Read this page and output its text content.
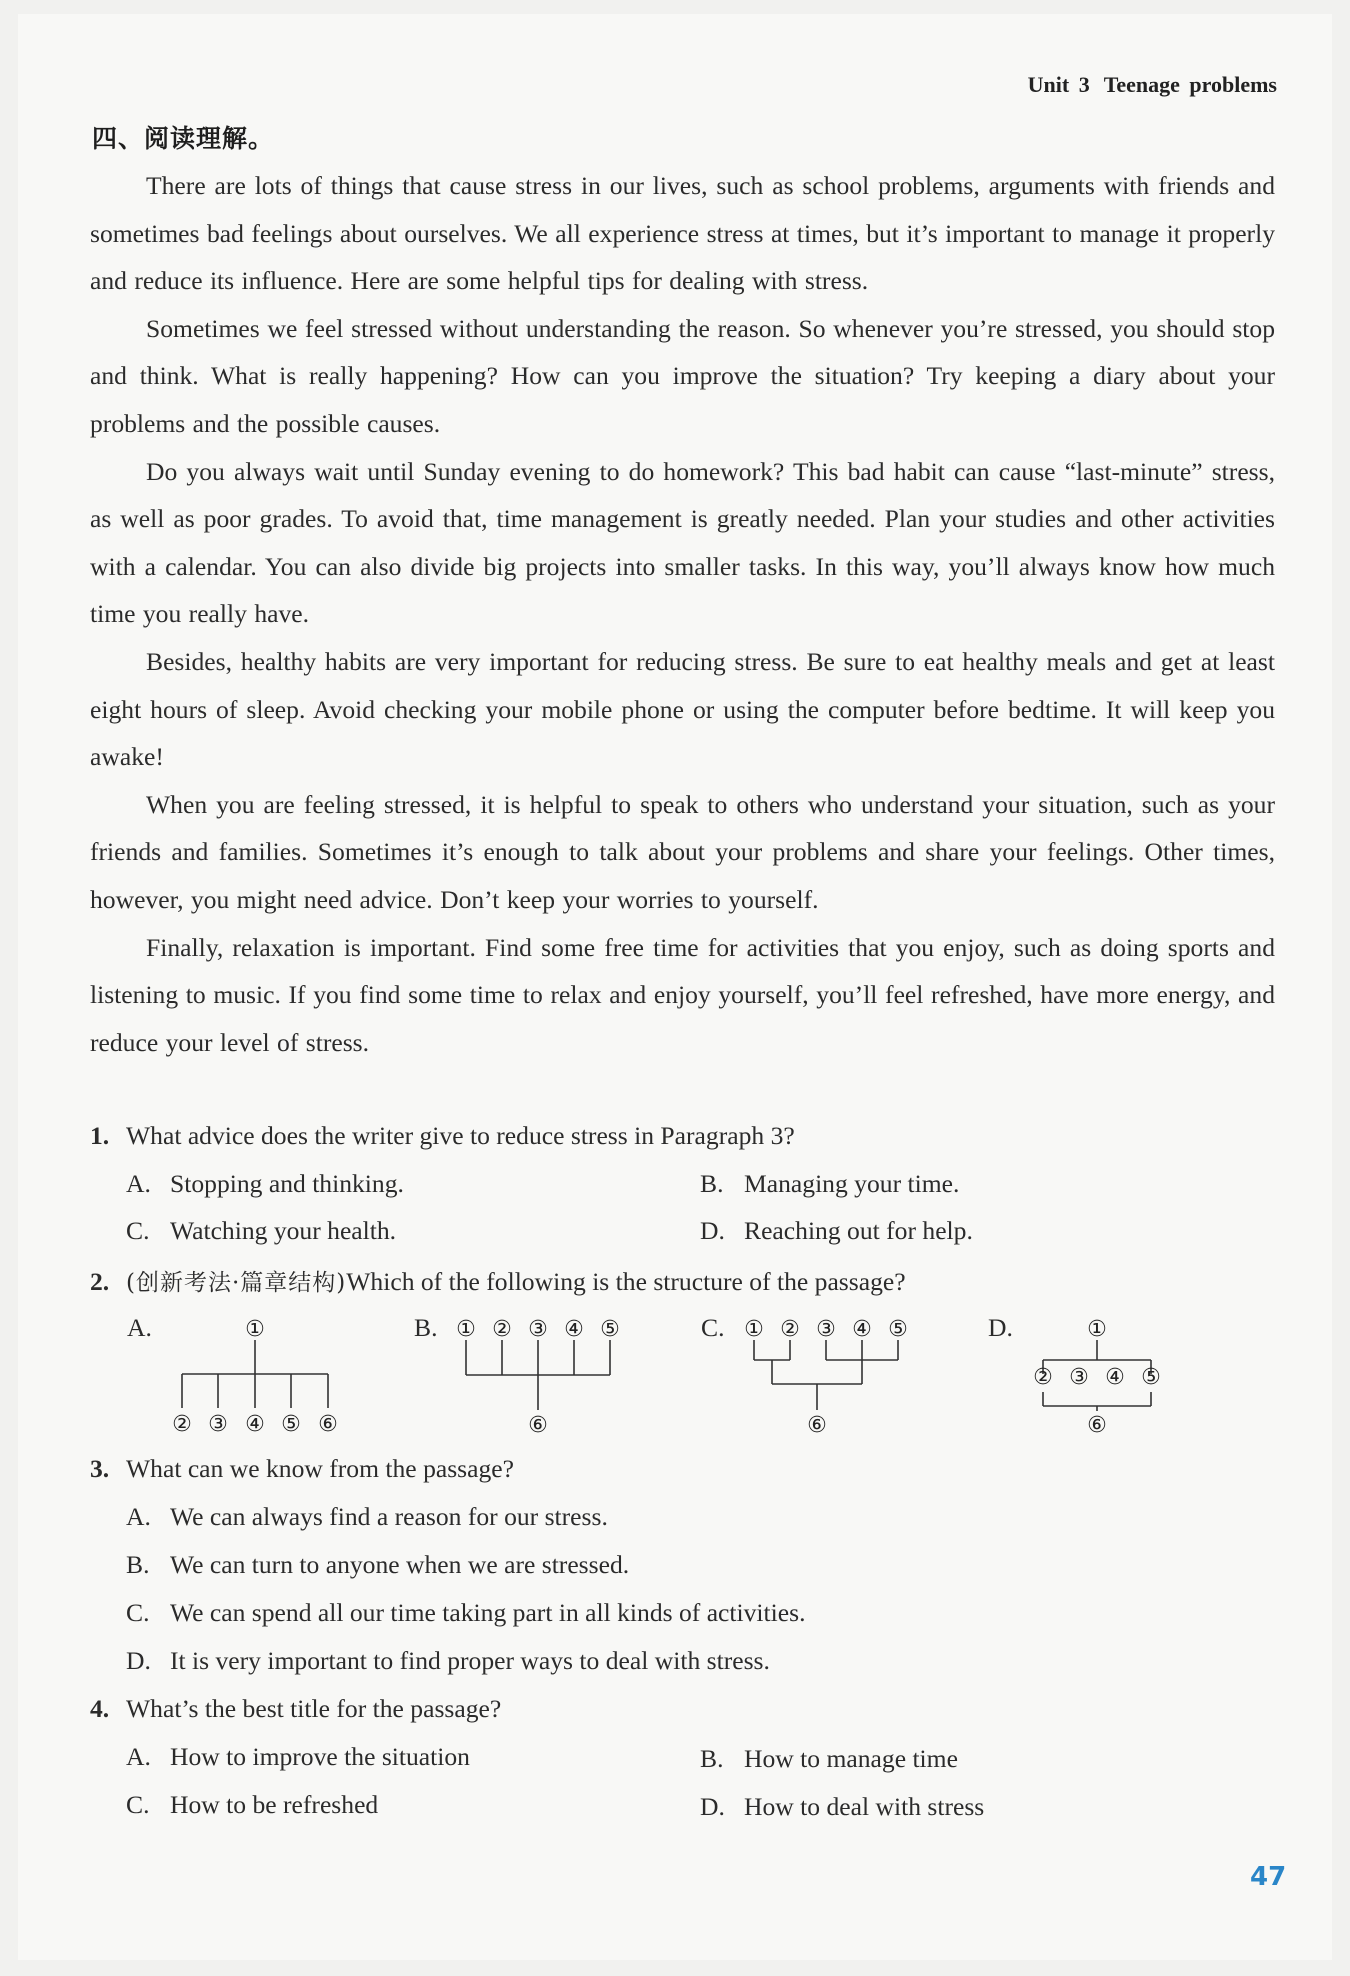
Unit 3 Teenage problems
四、阅读理解。

There are lots of things that cause stress in our lives, such as school problems, arguments with friends and sometimes bad feelings about ourselves. We all experience stress at times, but it’s important to manage it properly and reduce its influence. Here are some helpful tips for dealing with stress.

Sometimes we feel stressed without understanding the reason. So whenever you’re stressed, you should stop and think. What is really happening? How can you improve the situation? Try keeping a diary about your problems and the possible causes.

Do you always wait until Sunday evening to do homework? This bad habit can cause “last-minute” stress, as well as poor grades. To avoid that, time management is greatly needed. Plan your studies and other activities with a calendar. You can also divide big projects into smaller tasks. In this way, you’ll always know how much time you really have.

Besides, healthy habits are very important for reducing stress. Be sure to eat healthy meals and get at least eight hours of sleep. Avoid checking your mobile phone or using the computer before bedtime. It will keep you awake!

When you are feeling stressed, it is helpful to speak to others who understand your situation, such as your friends and families. Sometimes it’s enough to talk about your problems and share your feelings. Other times, however, you might need advice. Don’t keep your worries to yourself.

Finally, relaxation is important. Find some free time for activities that you enjoy, such as doing sports and listening to music. If you find some time to relax and enjoy yourself, you’ll feel refreshed, have more energy, and reduce your level of stress.

1. What advice does the writer give to reduce stress in Paragraph 3?
A. Stopping and thinking.	B. Managing your time.
C. Watching your health.	D. Reaching out for help.
2. (创新考法·篇章结构)Which of the following is the structure of the passage?
A.	B.	C.	D.
①
② ③ ④ ⑤ ⑥
① ② ③ ④ ⑤
⑥
① ② ③ ④ ⑤
⑥
①
② ③ ④ ⑤
⑥
3. What can we know from the passage?
A. We can always find a reason for our stress.
B. We can turn to anyone when we are stressed.
C. We can spend all our time taking part in all kinds of activities.
D. It is very important to find proper ways to deal with stress.
4. What’s the best title for the passage?
A. How to improve the situation	B. How to manage time
C. How to be refreshed	D. How to deal with stress
47
